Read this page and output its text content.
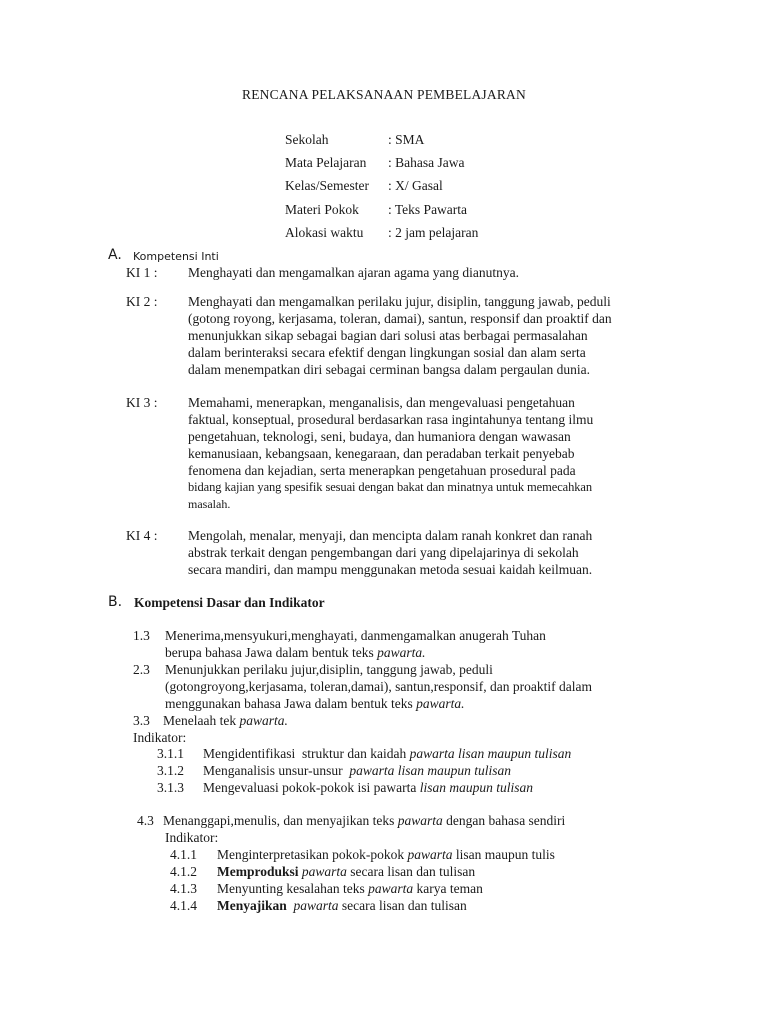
RENCANA PELAKSANAAN PEMBELAJARAN
Sekolah	: SMA
Mata Pelajaran : Bahasa Jawa
Kelas/Semester : X/ Gasal
Materi Pokok : Teks Pawarta
Alokasi waktu : 2 jam pelajaran
A. Kompetensi Inti
KI 1 : Menghayati dan mengamalkan ajaran agama yang dianutnya.
KI 2 : Menghayati dan mengamalkan perilaku jujur, disiplin, tanggung jawab, peduli
(gotong royong, kerjasama, toleran, damai), santun, responsif dan proaktif dan
menunjukkan sikap sebagai bagian dari solusi atas berbagai permasalahan
dalam berinteraksi secara efektif dengan lingkungan sosial dan alam serta
dalam menempatkan diri sebagai cerminan bangsa dalam pergaulan dunia.
KI 3 : Memahami, menerapkan, menganalisis, dan mengevaluasi pengetahuan
faktual, konseptual, prosedural berdasarkan rasa ingintahunya tentang ilmu
pengetahuan, teknologi, seni, budaya, dan humaniora dengan wawasan
kemanusiaan, kebangsaan, kenegaraan, dan peradaban terkait penyebab
fenomena dan kejadian, serta menerapkan pengetahuan prosedural pada
bidang kajian yang spesifik sesuai dengan bakat dan minatnya untuk memecahkan
masalah.
KI 4 : Mengolah, menalar, menyaji, dan mencipta dalam ranah konkret dan ranah
abstrak terkait dengan pengembangan dari yang dipelajarinya di sekolah
secara mandiri, dan mampu menggunakan metoda sesuai kaidah keilmuan.
B. Kompetensi Dasar dan Indikator
1.3 Menerima,mensyukuri,menghayati, danmengamalkan anugerah Tuhan
berupa bahasa Jawa dalam bentuk teks pawarta.
2.3 Menunjukkan perilaku jujur,disiplin, tanggung jawab, peduli
(gotongroyong,kerjasama, toleran,damai), santun,responsif, dan proaktif dalam
menggunakan bahasa Jawa dalam bentuk teks pawarta.
3.3 Menelaah tek pawarta.
Indikator:
3.1.1 Mengidentifikasi  struktur dan kaidah pawarta lisan maupun tulisan
3.1.2 Menganalisis unsur-unsur  pawarta lisan maupun tulisan
3.1.3 Mengevaluasi pokok-pokok isi pawarta lisan maupun tulisan
4.3 Menanggapi,menulis, dan menyajikan teks pawarta dengan bahasa sendiri
Indikator:
4.1.1 Menginterpretasikan pokok-pokok pawarta lisan maupun tulis
4.1.2 Memproduksi pawarta secara lisan dan tulisan
4.1.3 Menyunting kesalahan teks pawarta karya teman
4.1.4 Menyajikan pawarta secara lisan dan tulisan
